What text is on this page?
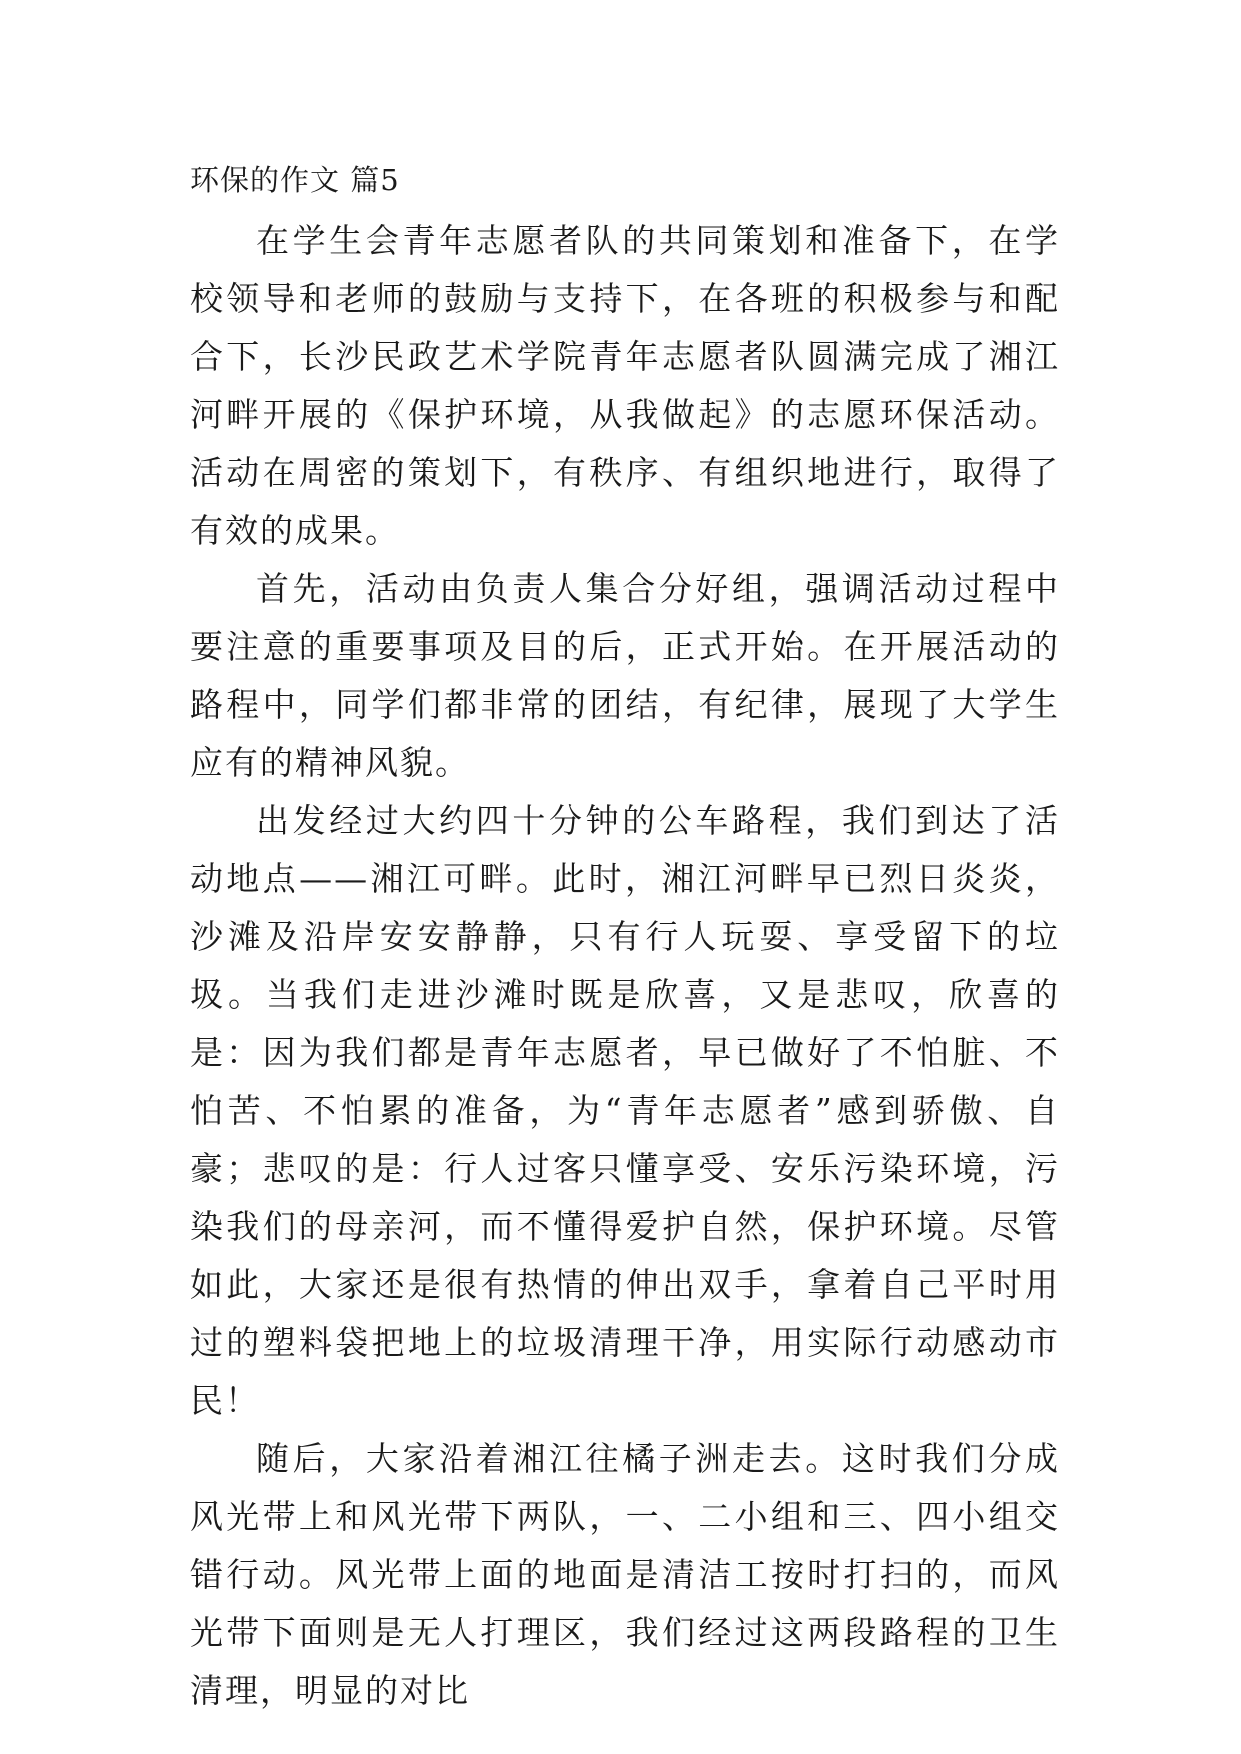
环保的作文 篇5

在学生会青年志愿者队的共同策划和准备下，在学校领导和老师的鼓励与支持下，在各班的积极参与和配合下，长沙民政艺术学院青年志愿者队圆满完成了湘江河畔开展的《保护环境，从我做起》的志愿环保活动。 活动在周密的策划下，有秩序、有组织地进行，取得了有效的成果。

首先，活动由负责人集合分好组，强调活动过程中要注意的重要事项及目的后，正式开始。在开展活动的路程中，同学们都非常的团结，有纪律，展现了大学生应有的精神风貌。

出发经过大约四十分钟的公车路程，我们到达了活动地点——湘江可畔。此时，湘江河畔早已烈日炎炎，沙滩及沿岸安安静静，只有行人玩耍、享受留下的垃圾。当我们走进沙滩时既是欣喜，又是悲叹，欣喜的是：因为我们都是青年志愿者，早已做好了不怕脏、不怕苦、不怕累的准备，为“青年志愿者”感到骄傲、自豪；悲叹的是：行人过客只懂享受、安乐污染环境，污染我们的母亲河，而不懂得爱护自然，保护环境。尽管如此，大家还是很有热情的伸出双手，拿着自己平时用过的塑料袋把地上的垃圾清理干净，用实际行动感动市民！

随后，大家沿着湘江往橘子洲走去。这时我们分成风光带上和风光带下两队，一、二小组和三、四小组交错行动。风光带上面的地面是清洁工按时打扫的，而风光带下面则是无人打理区，我们经过这两段路程的卫生清理，明显的对比
